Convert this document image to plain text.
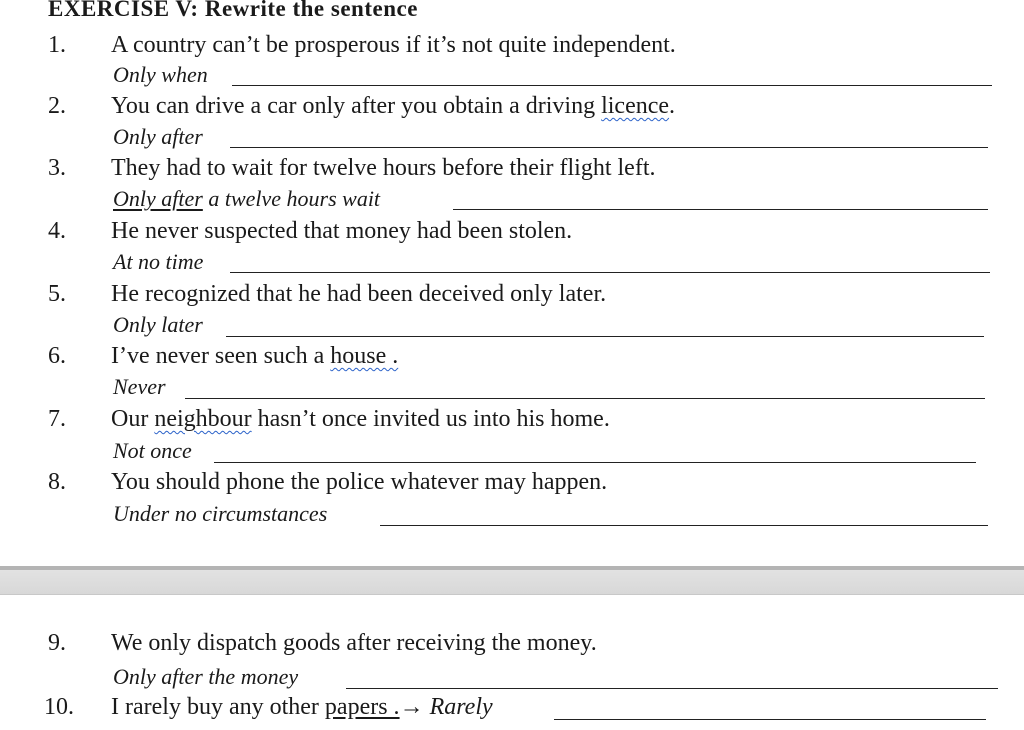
EXERCISE V: Rewrite the sentence
1. A country can’t be prosperous if it’s not quite independent.
Only when
2. You can drive a car only after you obtain a driving licence.
Only after
3. They had to wait for twelve hours before their flight left.
Only after a twelve hours wait
4. He never suspected that money had been stolen.
At no time
5. He recognized that he had been deceived only later.
Only later
6. I’ve never seen such a house .
Never
7. Our neighbour hasn’t once invited us into his home.
Not once
8. You should phone the police whatever may happen.
Under no circumstances
9. We only dispatch goods after receiving the money.
Only after the money
10. I rarely buy any other papers .→ Rarely
